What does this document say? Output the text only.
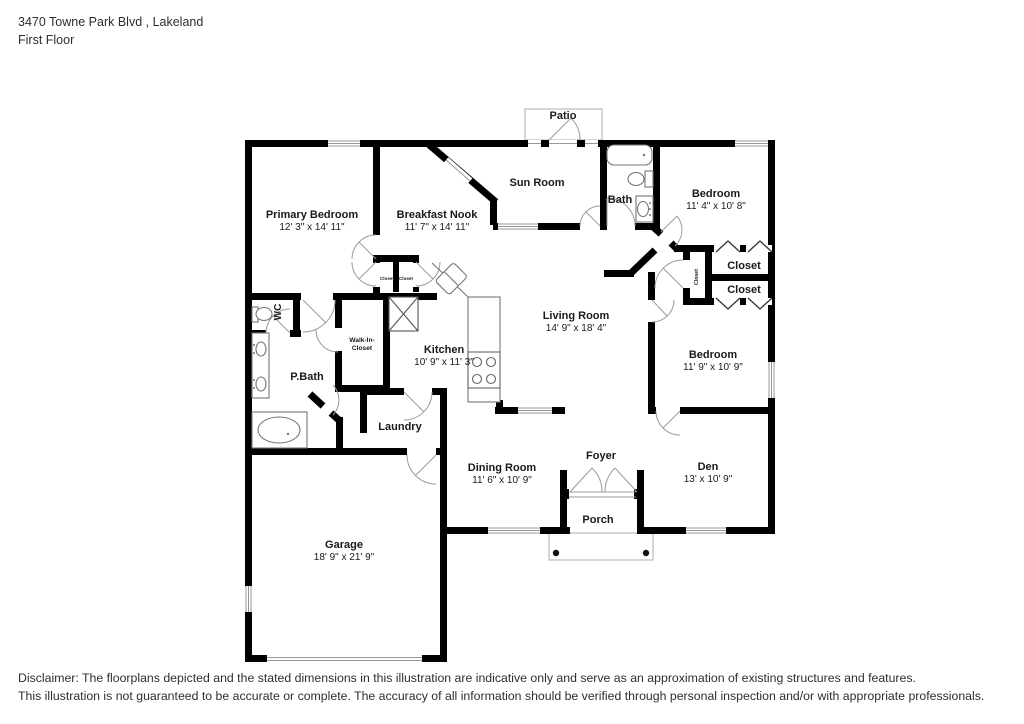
3470 Towne Park Blvd , Lakeland
First Floor
Patio
Sun Room
Bath	Bedroom
11' 4" x 10' 8"
Primary Bedroom
12' 3" x 14' 11"
Breakfast Nook
11' 7" x 14' 11"
Closet
Closet
Closet
Closet Closet
Living Room
14' 9" x 18' 4"
Bedroom
11' 9" x 10' 9"
WC
Walk-In-
Closet	Kitchen
10' 9" x 11' 3"
P.Bath
Laundry
Dining Room
11' 6" x 10' 9"
Foyer
Den
13' x 10' 9"
Porch
Garage
18' 9" x 21' 9"
Disclaimer: The floorplans depicted and the stated dimensions in this illustration are indicative only and serve as an approximation of existing structures and features.
This illustration is not guaranteed to be accurate or complete. The accuracy of all information should be verified through personal inspection and/or with appropriate professionals.
